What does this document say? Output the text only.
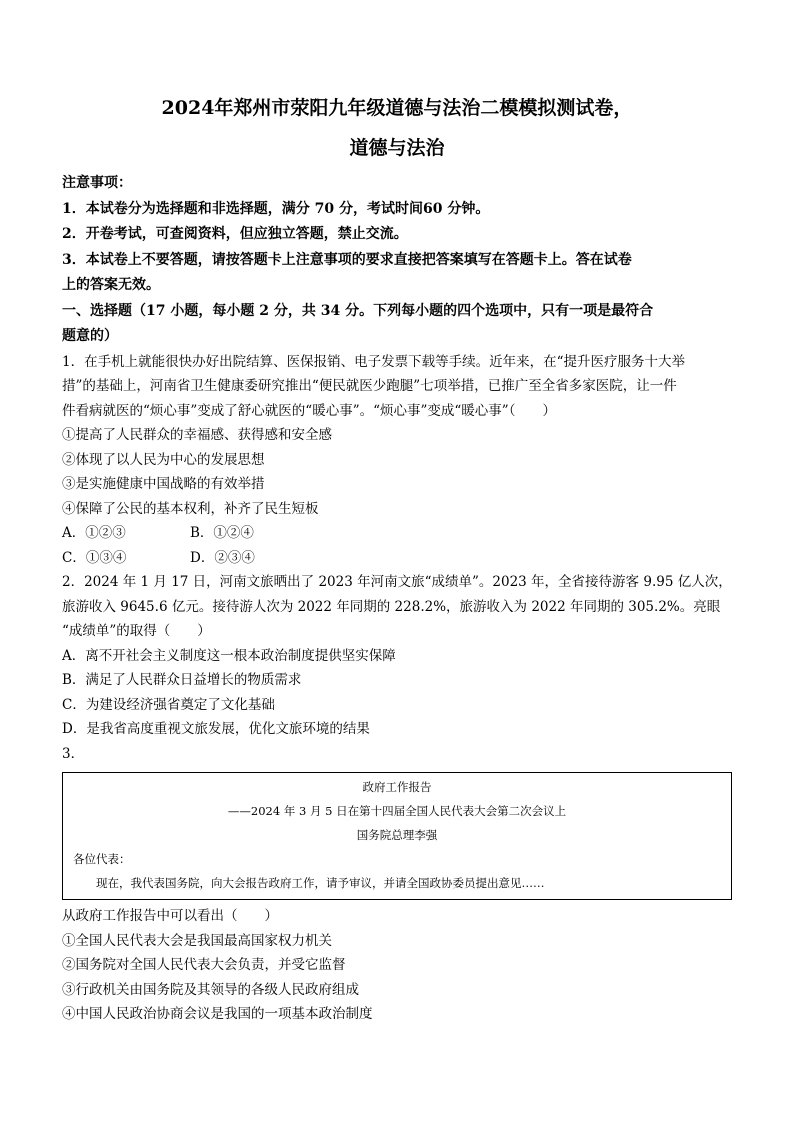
2024年郑州市荥阳九年级道德与法治二模模拟测试卷，

道德与法治

注意事项：

1．本试卷分为选择题和非选择题，满分 70 分，考试时间60 分钟。

2．开卷考试，可查阅资料，但应独立答题，禁止交流。

3．本试卷上不要答题，请按答题卡上注意事项的要求直接把答案填写在答题卡上。答在试卷

上的答案无效。

一、选择题（17 小题，每小题 2 分，共 34 分。下列每小题的四个选项中，只有一项是最符合

题意的）

1．在手机上就能很快办好出院结算、医保报销、电子发票下载等手续。近年来，在“提升医疗服务十大举

措”的基础上，河南省卫生健康委研究推出“便民就医少跑腿”七项举措，已推广至全省多家医院，让一件

件看病就医的“烦心事”变成了舒心就医的“暖心事”。“烦心事”变成“暖心事”（　　）

①提高了人民群众的幸福感、获得感和安全感

②体现了以人民为中心的发展思想

③是实施健康中国战略的有效举措

④保障了公民的基本权利，补齐了民生短板

A．①②③	B．①②④
C．①③④	D．②③④

2．2024 年 1 月 17 日，河南文旅晒出了 2023 年河南文旅“成绩单”。2023 年，全省接待游客 9.95 亿人次，

旅游收入 9645.6 亿元。接待游人次为 2022 年同期的 228.2%，旅游收入为 2022 年同期的 305.2%。亮眼

“成绩单”的取得（　　）

A．离不开社会主义制度这一根本政治制度提供坚实保障

B．满足了人民群众日益增长的物质需求

C．为建设经济强省奠定了文化基础

D．是我省高度重视文旅发展，优化文旅环境的结果

3．

政府工作报告
——2024 年 3 月 5 日在第十四届全国人民代表大会第二次会议上
国务院总理李强
各位代表：
现在，我代表国务院，向大会报告政府工作，请予审议，并请全国政协委员提出意见……

从政府工作报告中可以看出（　　）

①全国人民代表大会是我国最高国家权力机关

②国务院对全国人民代表大会负责，并受它监督

③行政机关由国务院及其领导的各级人民政府组成

④中国人民政治协商会议是我国的一项基本政治制度
